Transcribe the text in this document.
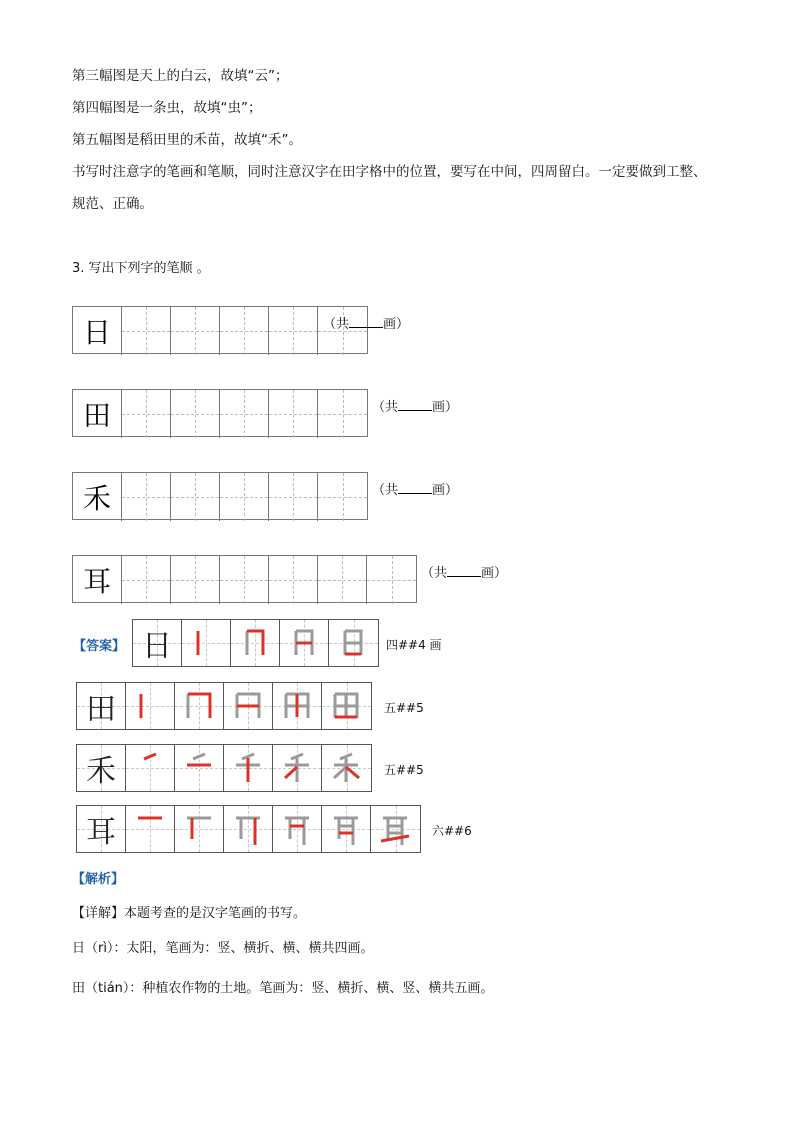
第三幅图是天上的白云，故填“云”；
第四幅图是一条虫，故填“虫”；
第五幅图是稻田里的禾苗，故填“禾”。
书写时注意字的笔画和笔顺，同时注意汉字在田字格中的位置，要写在中间，四周留白。一定要做到工整、规范、正确。
3. 写出下列字的笔顺 。
日	（共	画）
田	（共	画）
禾	（共	画）
耳	（共	画）
【答案】 日	四##4 画
田	五##5
禾	五##5
耳	六##6
【解析】
【详解】本题考查的是汉字笔画的书写。
日（rì）：太阳，笔画为：竖、横折、横、横共四画。
田（tián）：种植农作物的土地。笔画为：竖、横折、横、竖、横共五画。
